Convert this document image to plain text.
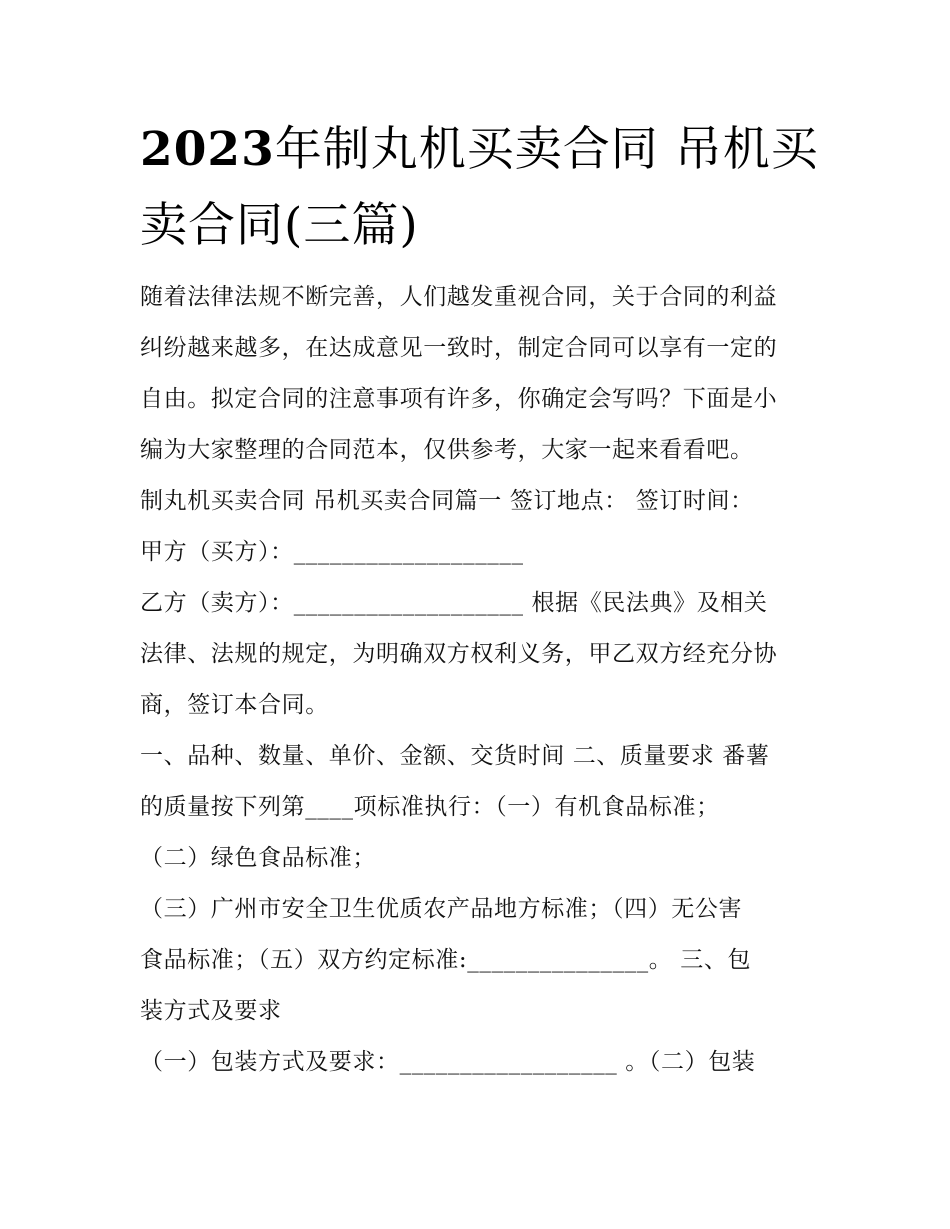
2023年制丸机买卖合同 吊机买卖合同(三篇)

随着法律法规不断完善，人们越发重视合同，关于合同的利益

纠纷越来越多，在达成意见一致时，制定合同可以享有一定的

自由。拟定合同的注意事项有许多，你确定会写吗？下面是小

编为大家整理的合同范本，仅供参考，大家一起来看看吧。

制丸机买卖合同 吊机买卖合同篇一 签订地点： 签订时间：

甲方（买方）：___________________

乙方（卖方）：___________________ 根据《民法典》及相关

法律、法规的规定，为明确双方权利义务，甲乙双方经充分协

商，签订本合同。

一、品种、数量、单价、金额、交货时间 二、质量要求 番薯

的质量按下列第____项标准执行：（一）有机食品标准；

（二）绿色食品标准；

（三）广州市安全卫生优质农产品地方标准；（四）无公害

食品标准；（五）双方约定标准:_______________。 三、包

装方式及要求

（一）包装方式及要求：__________________ 。（二）包装
